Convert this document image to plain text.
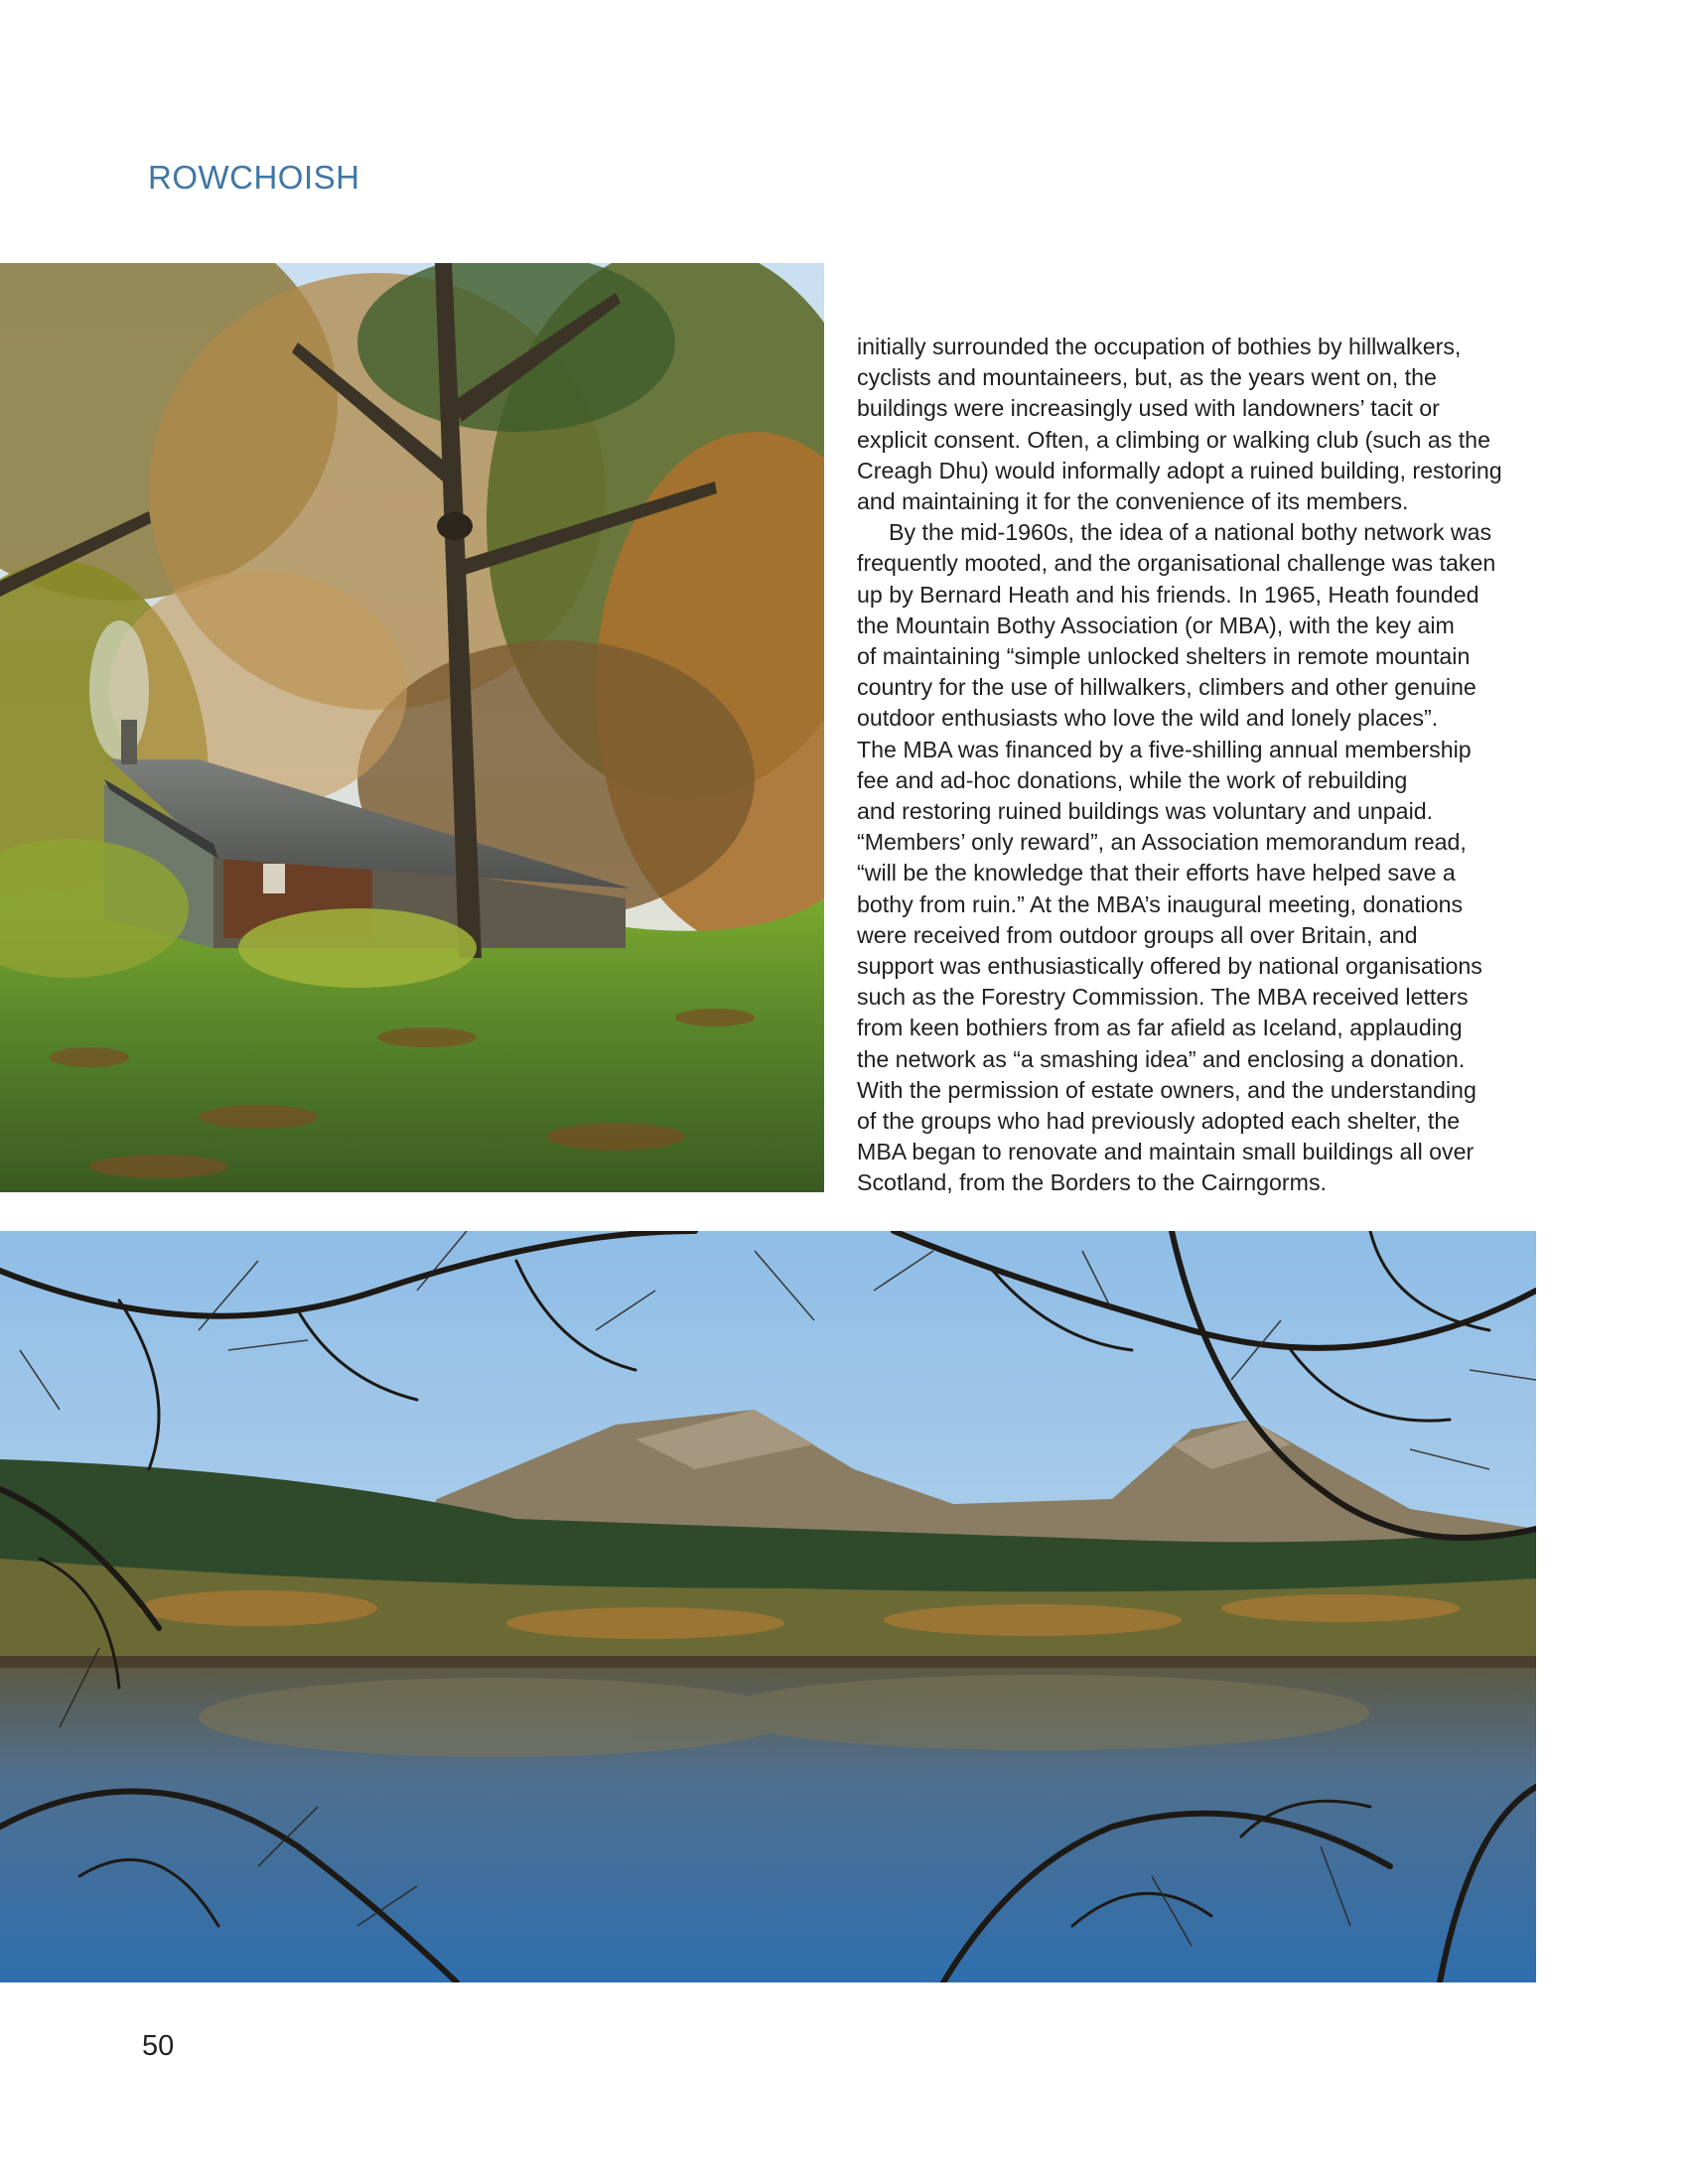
ROWCHOISH
initially surrounded the occupation of bothies by hillwalkers,
cyclists and mountaineers, but, as the years went on, the
buildings were increasingly used with landowners’ tacit or
explicit consent. Often, a climbing or walking club (such as the
Creagh Dhu) would informally adopt a ruined building, restoring
and maintaining it for the convenience of its members.
By the mid-1960s, the idea of a national bothy network was
frequently mooted, and the organisational challenge was taken
up by Bernard Heath and his friends. In 1965, Heath founded
the Mountain Bothy Association (or MBA), with the key aim
of maintaining “simple unlocked shelters in remote mountain
country for the use of hillwalkers, climbers and other genuine
outdoor enthusiasts who love the wild and lonely places”.
The MBA was financed by a five-shilling annual membership
fee and ad-hoc donations, while the work of rebuilding
and restoring ruined buildings was voluntary and unpaid.
“Members’ only reward”, an Association memorandum read,
“will be the knowledge that their efforts have helped save a
bothy from ruin.” At the MBA’s inaugural meeting, donations
were received from outdoor groups all over Britain, and
support was enthusiastically offered by national organisations
such as the Forestry Commission. The MBA received letters
from keen bothiers from as far afield as Iceland, applauding
the network as “a smashing idea” and enclosing a donation.
With the permission of estate owners, and the understanding
of the groups who had previously adopted each shelter, the
MBA began to renovate and maintain small buildings all over
Scotland, from the Borders to the Cairngorms.
50
